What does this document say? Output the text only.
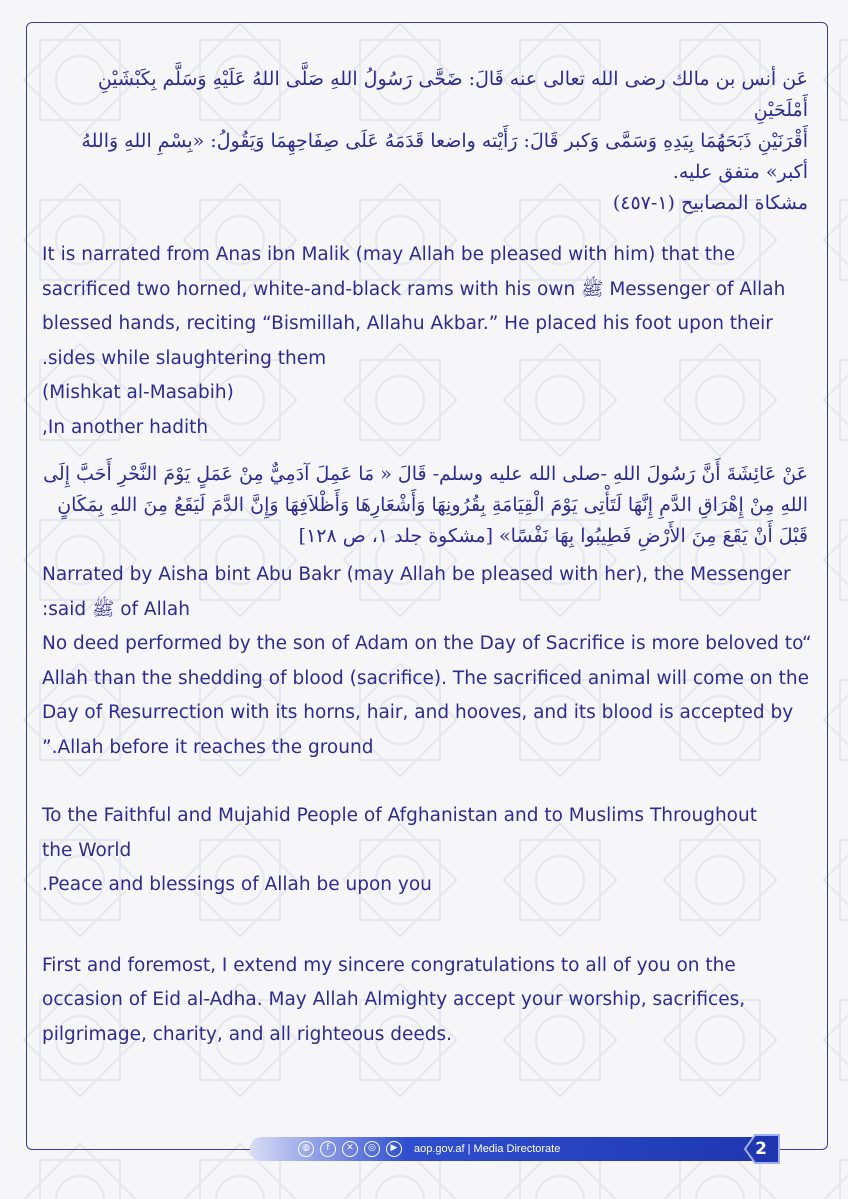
عَن أنس بن مالك رضى الله تعالى عنه قَالَ: ضَحَّى رَسُولُ اللهِ صَلَّى اللهُ عَلَيْهِ وَسَلَّم بِكَبْشَيْنِ أَمْلَحَيْنِ

أَقْرَنَيْنِ ذَبَحَهُمَا بِيَدِهِ وَسَمَّى وَكبر قَالَ: رَأَيْته واضعا قَدَمَهُ عَلَى صِفَاحِهِمَا وَيَقُولُ: «بِسْمِ اللهِ وَاللهُ

أكبر» متفق عليه.

مشكاة المصابيح (١-٤٥٧)

It is narrated from Anas ibn Malik (may Allah be pleased with him) that the

sacrificed two horned, white-and-black rams with his own ﷺ Messenger of Allah

blessed hands, reciting “Bismillah, Allahu Akbar.” He placed his foot upon their

.sides while slaughtering them

(Mishkat al-Masabih)

,In another hadith

عَنْ عَائِشَةَ أَنَّ رَسُولَ اللهِ -صلى الله عليه وسلم- قَالَ « مَا عَمِلَ آدَمِيٌّ مِنْ عَمَلٍ يَوْمَ النَّحْرِ أَحَبَّ إِلَى

اللهِ مِنْ إِهْرَاقِ الدَّمِ إِنَّهَا لَتَأْتِى يَوْمَ الْقِيَامَةِ بِقُرُونِهَا وَأَشْعَارِهَا وَأَظْلاَفِهَا وَإِنَّ الدَّمَ لَيَقَعُ مِنَ اللهِ بِمَكَانٍ

قَبْلَ أَنْ يَقَعَ مِنَ الأَرْضِ فَطِيبُوا بِهَا نَفْسًا» [مشكوة جلد ١، ص ١٢٨]

Narrated by Aisha bint Abu Bakr (may Allah be pleased with her), the Messenger

:said ﷺ of Allah

No deed performed by the son of Adam on the Day of Sacrifice is more beloved to“

Allah than the shedding of blood (sacrifice). The sacrificed animal will come on the

Day of Resurrection with its horns, hair, and hooves, and its blood is accepted by

”.Allah before it reaches the ground

To the Faithful and Mujahid People of Afghanistan and to Muslims Throughout

the World

.Peace and blessings of Allah be upon you

First and foremost, I extend my sincere congratulations to all of you on the

occasion of Eid al-Adha. May Allah Almighty accept your worship, sacrifices,

pilgrimage, charity, and all righteous deeds.

◍	f	✕	◎	▶	aop.gov.af | Media Directorate	2
